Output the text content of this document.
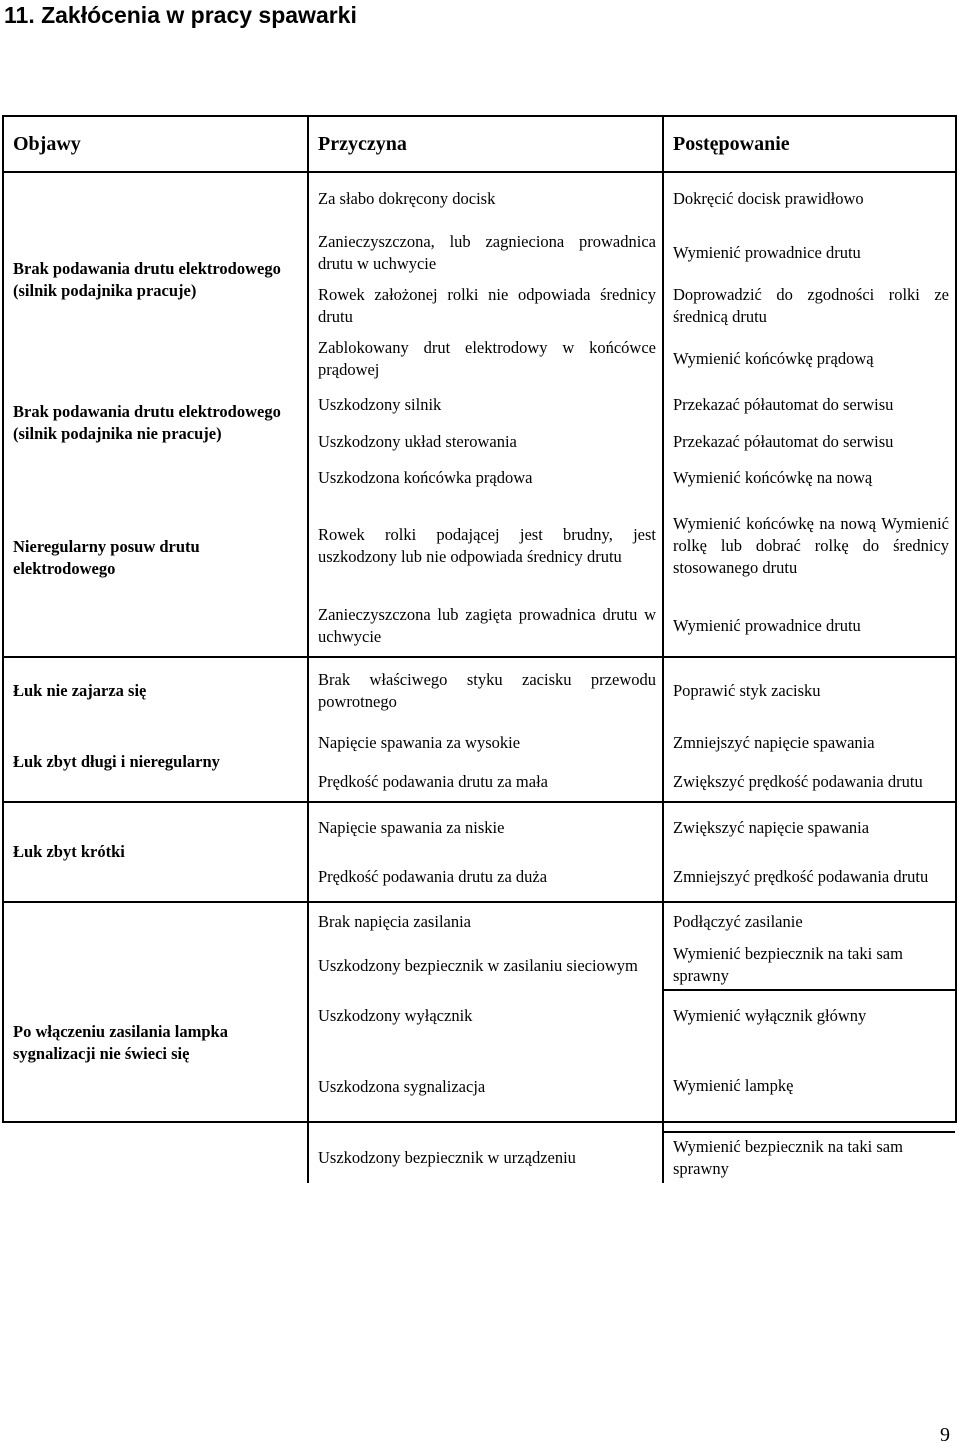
11. Zakłócenia w pracy spawarki
Objawy	Przyczyna	Postępowanie
Brak podawania drutu elektrodowego (silnik podajnika pracuje)
Brak podawania drutu elektrodowego (silnik podajnika nie pracuje)
Nieregularny posuw drutu elektrodowego
Łuk nie zajarza się
Łuk zbyt długi i nieregularny
Łuk zbyt krótki
Po włączeniu zasilania lampka sygnalizacji nie świeci się
Za słabo dokręcony docisk
Zanieczyszczona, lub zagnieciona prowadnica drutu w uchwycie
Rowek założonej rolki nie odpowiada średnicy drutu
Zablokowany drut elektrodowy w końcówce prądowej
Uszkodzony silnik
Uszkodzony układ sterowania
Uszkodzona końcówka prądowa
Rowek rolki podającej jest brudny, jest uszkodzony lub nie odpowiada średnicy drutu
Zanieczyszczona lub zagięta prowadnica drutu w uchwycie
Brak właściwego styku zacisku przewodu powrotnego
Napięcie spawania za wysokie
Prędkość podawania drutu za mała
Napięcie spawania za niskie
Prędkość podawania drutu za duża
Brak napięcia zasilania
Uszkodzony bezpiecznik w zasilaniu sieciowym
Uszkodzony wyłącznik
Uszkodzona sygnalizacja
Uszkodzony bezpiecznik w urządzeniu
Dokręcić docisk prawidłowo
Wymienić prowadnice drutu
Doprowadzić do zgodności rolki ze średnicą drutu
Wymienić końcówkę prądową
Przekazać półautomat do serwisu
Przekazać półautomat do serwisu
Wymienić końcówkę na nową
Wymienić końcówkę na nową Wymienić rolkę lub dobrać rolkę do średnicy stosowanego drutu
Wymienić prowadnice drutu
Poprawić styk zacisku
Zmniejszyć napięcie spawania
Zwiększyć prędkość podawania drutu
Zwiększyć napięcie spawania
Zmniejszyć prędkość podawania drutu
Podłączyć zasilanie
Wymienić bezpiecznik na taki sam sprawny
Wymienić wyłącznik główny
Wymienić lampkę
Wymienić bezpiecznik na taki sam sprawny
9
